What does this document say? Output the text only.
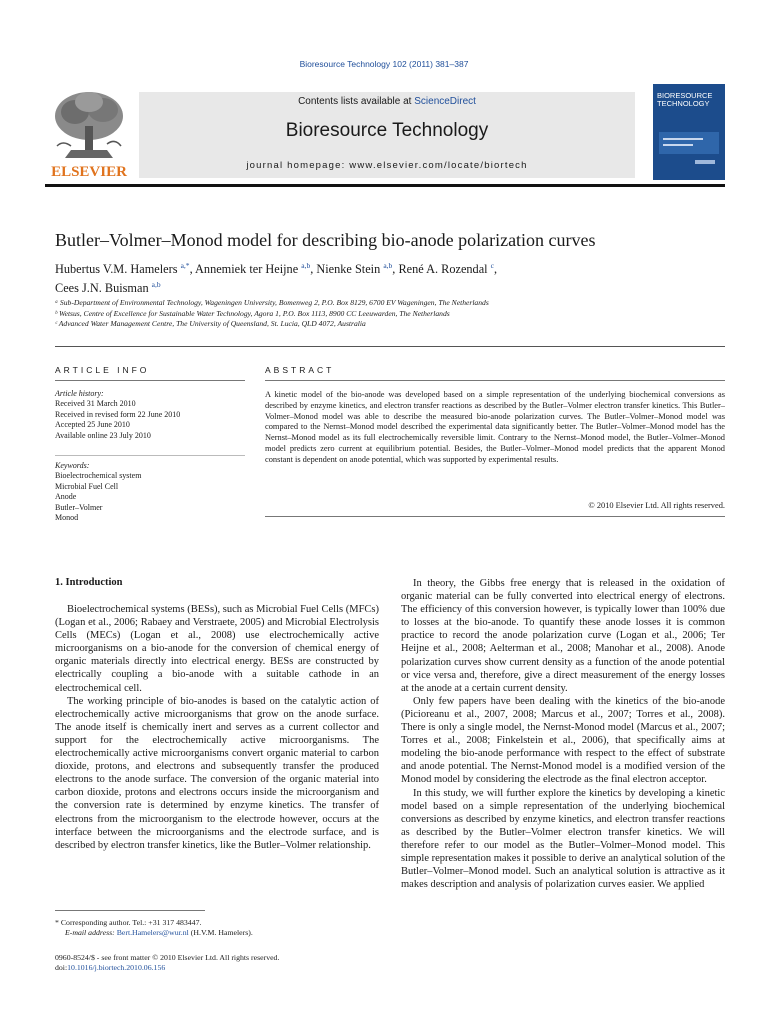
Bioresource Technology 102 (2011) 381–387
ELSEVIER
Contents lists available at ScienceDirect
Bioresource Technology
journal homepage: www.elsevier.com/locate/biortech
BIORESOURCE TECHNOLOGY
Butler–Volmer–Monod model for describing bio-anode polarization curves
Hubertus V.M. Hamelers $^{a,*}$, Annemiek ter Heijne $^{a,b}$, Nienke Stein $^{a,b}$, René A. Rozendal $^c$,
Cees J.N. Buisman $^{a,b}$
ᵃ Sub-Department of Environmental Technology, Wageningen University, Bomenweg 2, P.O. Box 8129, 6700 EV Wageningen, The Netherlands
ᵇ Wetsus, Centre of Excellence for Sustainable Water Technology, Agora 1, P.O. Box 1113, 8900 CC Leeuwarden, The Netherlands
ᶜ Advanced Water Management Centre, The University of Queensland, St. Lucia, QLD 4072, Australia
ARTICLE INFO	ABSTRACT
Article history:
Received 31 March 2010
Received in revised form 22 June 2010
Accepted 25 June 2010
Available online 23 July 2010
Keywords:
Bioelectrochemical system
Microbial Fuel Cell
Anode
Butler–Volmer
Monod
A kinetic model of the bio-anode was developed based on a simple representation of the underlying biochemical conversions as described by enzyme kinetics, and electron transfer reactions as described by the Butler–Volmer electron transfer kinetics. This Butler–Volmer–Monod model was able to describe the measured bio-anode polarization curves. The Butler–Volmer–Monod model was compared to the Nernst–Monod model described the experimental data significantly better. The Butler–Volmer–Monod model has the Nernst–Monod model as its full electrochemically reversible limit. Contrary to the Nernst–Monod model, the Butler–Volmer–Monod model predicts zero current at equilibrium potential. Besides, the Butler–Volmer–Monod model predicts that the apparent Monod constant is dependent on anode potential, which was supported by experimental results.
© 2010 Elsevier Ltd. All rights reserved.
1. Introduction

Bioelectrochemical systems (BESs), such as Microbial Fuel Cells (MFCs) (Logan et al., 2006; Rabaey and Verstraete, 2005) and Microbial Electrolysis Cells (MECs) (Logan et al., 2008) use electrochemically active microorganisms on a bio-anode for the conversion of chemical energy of organic materials directly into electrical energy. BESs are constructed by electrically coupling a bio-anode with a suitable cathode in an electrochemical cell.

The working principle of bio-anodes is based on the catalytic action of electrochemically active microorganisms that grow on the anode surface. The anode itself is chemically inert and serves as a current collector and support for the electrochemically active microorganisms. The electrochemically active microorganisms convert organic material to carbon dioxide, protons, and electrons and subsequently transfer the produced electrons to the anode surface. The conversion of the organic material into carbon dioxide, protons and electrons occurs inside the microorganism and the conversion rate is determined by enzyme kinetics. The transfer of electrons from the microorganism to the electrode however, occurs at the interface between the microorganisms and the electrode surface, and is described by electron transfer kinetics, like the Butler–Volmer relationship.

In theory, the Gibbs free energy that is released in the oxidation of organic material can be fully converted into electrical energy of electrons. The efficiency of this conversion however, is typically lower than 100% due to losses at the bio-anode. To quantify these anode losses it is common practice to record the anode polarization curve (Logan et al., 2006; Ter Heijne et al., 2008; Aelterman et al., 2008; Manohar et al., 2008). Anode polarization curves show current density as a function of the anode potential or vice versa and, therefore, give a direct measurement of the energy losses at the anode at a certain current density.

Only few papers have been dealing with the kinetics of the bio-anode (Picioreanu et al., 2007, 2008; Marcus et al., 2007; Torres et al., 2008). There is only a single model, the Nernst-Monod model (Marcus et al., 2007; Torres et al., 2008; Finkelstein et al., 2006), that specifically aims at modeling the bio-anode performance with respect to the effect of substrate and anode potential. The Nernst-Monod model is a modified version of the Monod model by considering the electrode as the final electron acceptor.

In this study, we will further explore the kinetics by developing a kinetic model based on a simple representation of the underlying biochemical conversions as described by enzyme kinetics, and electron transfer reactions as described by the Butler–Volmer electron transfer kinetics. We will therefore refer to our model as the Butler–Volmer–Monod model. This simple representation makes it possible to derive an analytical solution of the Butler–Volmer–Monod model. Such an analytical solution is attractive as it makes description and analysis of polarization curves easier. We applied

* Corresponding author. Tel.: +31 317 483447.
E-mail address: Bert.Hamelers@wur.nl (H.V.M. Hamelers).
0960-8524/$ - see front matter © 2010 Elsevier Ltd. All rights reserved.
doi:10.1016/j.biortech.2010.06.156
